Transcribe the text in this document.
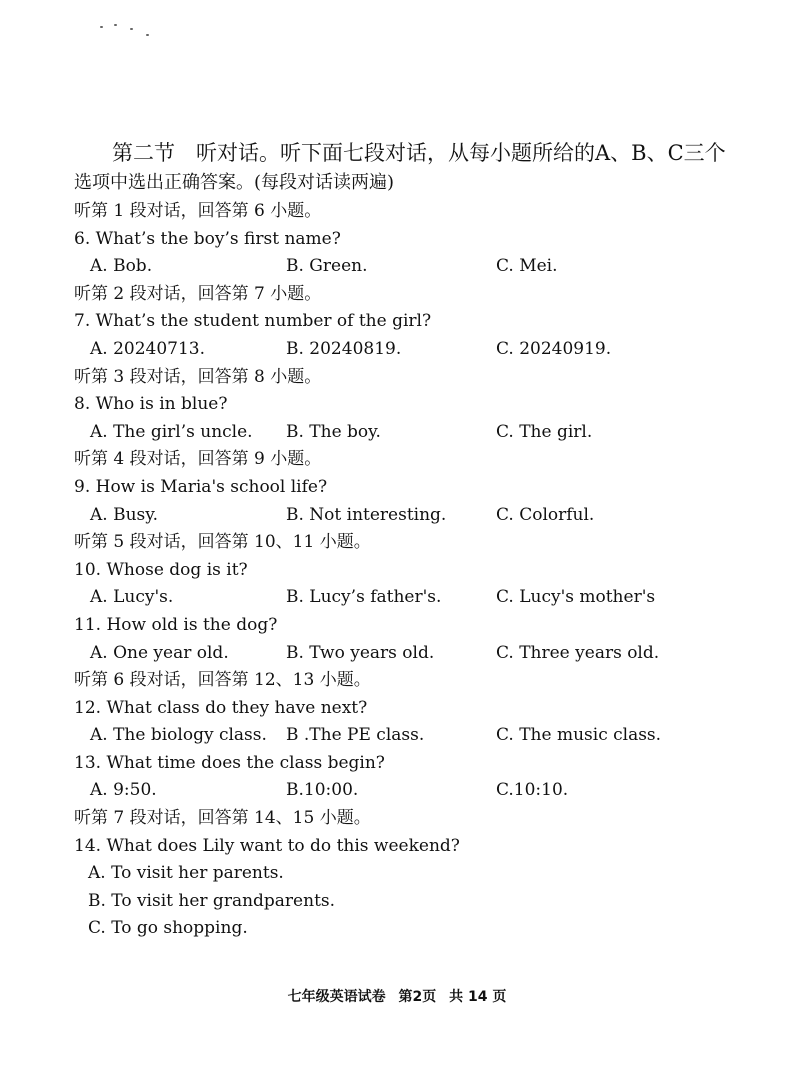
第二节　听对话。听下面七段对话，从每小题所给的A、B、C三个
选项中选出正确答案。(每段对话读两遍)
听第 1 段对话，回答第 6 小题。
6. What’s the boy’s first name?
A. Bob.	B. Green.	C. Mei.
听第 2 段对话，回答第 7 小题。
7. What’s the student number of the girl?
A. 20240713.	B. 20240819.	C. 20240919.
听第 3 段对话，回答第 8 小题。
8. Who is in blue?
A. The girl’s uncle. B. The boy.	C. The girl.
听第 4 段对话，回答第 9 小题。
9. How is Maria's school life?
A. Busy.	B. Not interesting.	C. Colorful.
听第 5 段对话，回答第 10、11 小题。
10. Whose dog is it?
A. Lucy's.	B. Lucy’s father's.	C. Lucy's mother's
11. How old is the dog?
A. One year old.	B. Two years old.	C. Three years old.
听第 6 段对话，回答第 12、13 小题。
12. What class do they have next?
A. The biology class. B .The PE class.	C. The music class.
13. What time does the class begin?
A. 9:50.	B.10:00.	C.10:10.
听第 7 段对话，回答第 14、15 小题。
14. What does Lily want to do this weekend?
A. To visit her parents.
B. To visit her grandparents.
C. To go shopping.
七年级英语试卷 第2页 共 14 页
